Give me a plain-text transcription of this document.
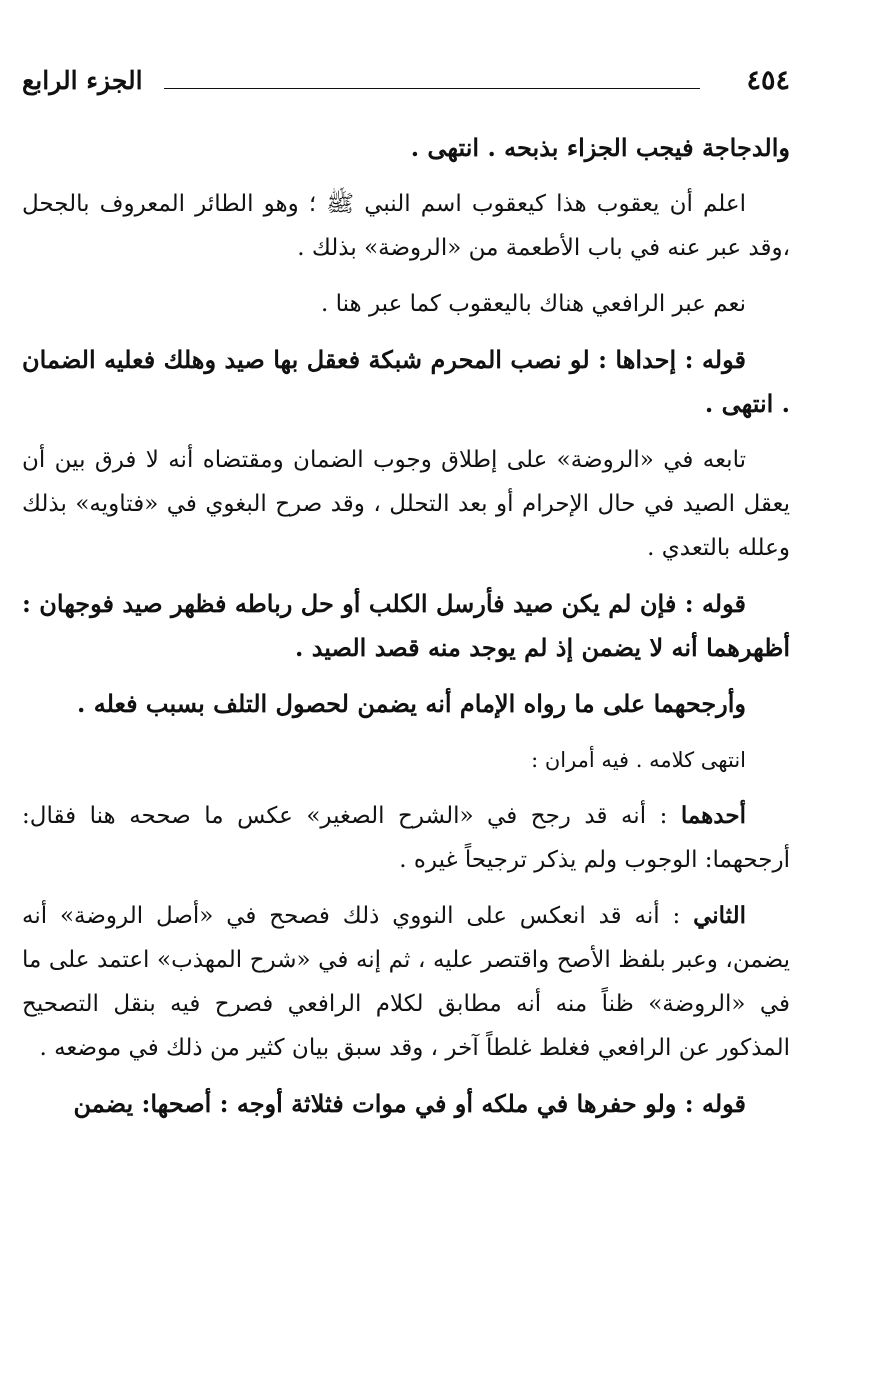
٤٥٤
الجزء الرابع

والدجاجة فيجب الجزاء بذبحه . انتهى .

اعلم أن يعقوب هذا كيعقوب اسم النبي ﷺ ؛ وهو الطائر المعروف بالجحل ،وقد عبر عنه في باب الأطعمة من «الروضة» بذلك .

نعم عبر الرافعي هناك باليعقوب كما عبر هنا .

قوله : إحداها : لو نصب المحرم شبكة فعقل بها صيد وهلك فعليه الضمان . انتهى .

تابعه في «الروضة» على إطلاق وجوب الضمان ومقتضاه أنه لا فرق بين أن يعقل الصيد في حال الإحرام أو بعد التحلل ، وقد صرح البغوي في «فتاويه» بذلك وعلله بالتعدي .

قوله : فإن لم يكن صيد فأرسل الكلب أو حل رباطه فظهر صيد فوجهان : أظهرهما أنه لا يضمن إذ لم يوجد منه قصد الصيد .

وأرجحهما على ما رواه الإمام أنه يضمن لحصول التلف بسبب فعله .

انتهى كلامه . فيه أمران :

أحدهما : أنه قد رجح في «الشرح الصغير» عكس ما صححه هنا فقال: أرجحهما: الوجوب ولم يذكر ترجيحاً غيره .

الثاني : أنه قد انعكس على النووي ذلك فصحح في «أصل الروضة» أنه يضمن، وعبر بلفظ الأصح واقتصر عليه ، ثم إنه في «شرح المهذب» اعتمد على ما في «الروضة» ظناً منه أنه مطابق لكلام الرافعي فصرح فيه بنقل التصحيح المذكور عن الرافعي فغلط غلطاً آخر ، وقد سبق بيان كثير من ذلك في موضعه .

قوله : ولو حفرها في ملكه أو في موات فثلاثة أوجه : أصحها: يضمن
